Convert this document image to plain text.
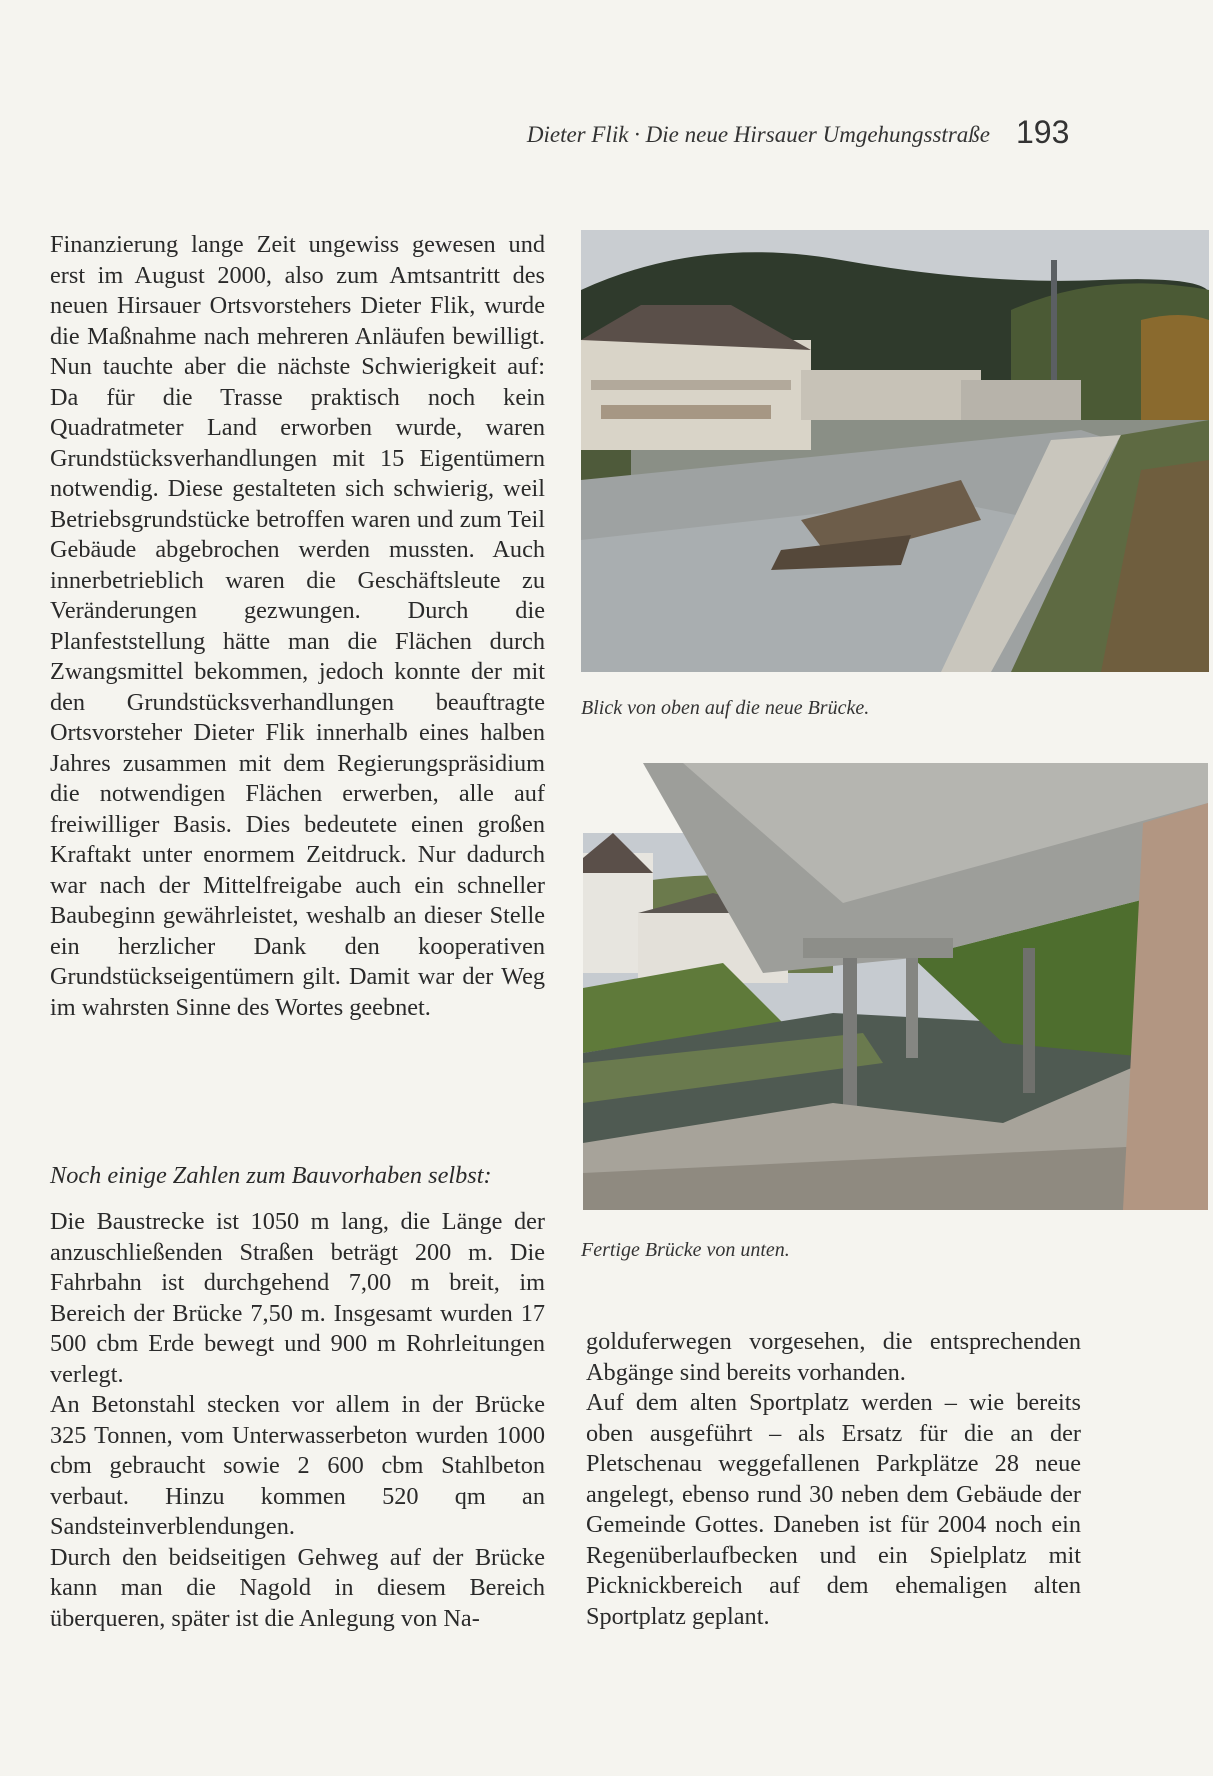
Dieter Flik · Die neue Hirsauer Umgehungsstraße 193

Finanzierung lange Zeit ungewiss gewesen und erst im August 2000, also zum Amtsantritt des neuen Hirsauer Ortsvorstehers Dieter Flik, wurde die Maßnahme nach mehreren Anläufen bewilligt. Nun tauchte aber die nächste Schwierigkeit auf: Da für die Trasse praktisch noch kein Quadratmeter Land erworben wurde, waren Grundstücksverhandlungen mit 15 Eigentümern notwendig. Diese gestalteten sich schwierig, weil Betriebsgrundstücke betroffen waren und zum Teil Gebäude abgebrochen werden mussten. Auch innerbetrieblich waren die Geschäftsleute zu Veränderungen gezwungen. Durch die Planfeststellung hätte man die Flächen durch Zwangsmittel bekommen, jedoch konnte der mit den Grundstücksverhandlungen beauftragte Ortsvorsteher Dieter Flik innerhalb eines halben Jahres zusammen mit dem Regierungspräsidium die notwendigen Flächen erwerben, alle auf freiwilliger Basis. Dies bedeutete einen großen Kraftakt unter enormem Zeitdruck. Nur dadurch war nach der Mittelfreigabe auch ein schneller Baubeginn gewährleistet, weshalb an dieser Stelle ein herzlicher Dank den kooperativen Grundstückseigentümern gilt. Damit war der Weg im wahrsten Sinne des Wortes geebnet.

Noch einige Zahlen zum Bauvorhaben selbst:

Die Baustrecke ist 1050 m lang, die Länge der anzuschließenden Straßen beträgt 200 m. Die Fahrbahn ist durchgehend 7,00 m breit, im Bereich der Brücke 7,50 m. Insgesamt wurden 17 500 cbm Erde bewegt und 900 m Rohrleitungen verlegt.

An Betonstahl stecken vor allem in der Brücke 325 Tonnen, vom Unterwasserbeton wurden 1000 cbm gebraucht sowie 2 600 cbm Stahlbeton verbaut. Hinzu kommen 520 qm an Sandsteinverblendungen.

Durch den beidseitigen Gehweg auf der Brücke kann man die Nagold in diesem Bereich überqueren, später ist die Anlegung von Na-

Blick von oben auf die neue Brücke.
Fertige Brücke von unten.

golduferwegen vorgesehen, die entsprechenden Abgänge sind bereits vorhanden.

Auf dem alten Sportplatz werden – wie bereits oben ausgeführt – als Ersatz für die an der Pletschenau weggefallenen Parkplätze 28 neue angelegt, ebenso rund 30 neben dem Gebäude der Gemeinde Gottes. Daneben ist für 2004 noch ein Regenüberlaufbecken und ein Spielplatz mit Picknickbereich auf dem ehemaligen alten Sportplatz geplant.
